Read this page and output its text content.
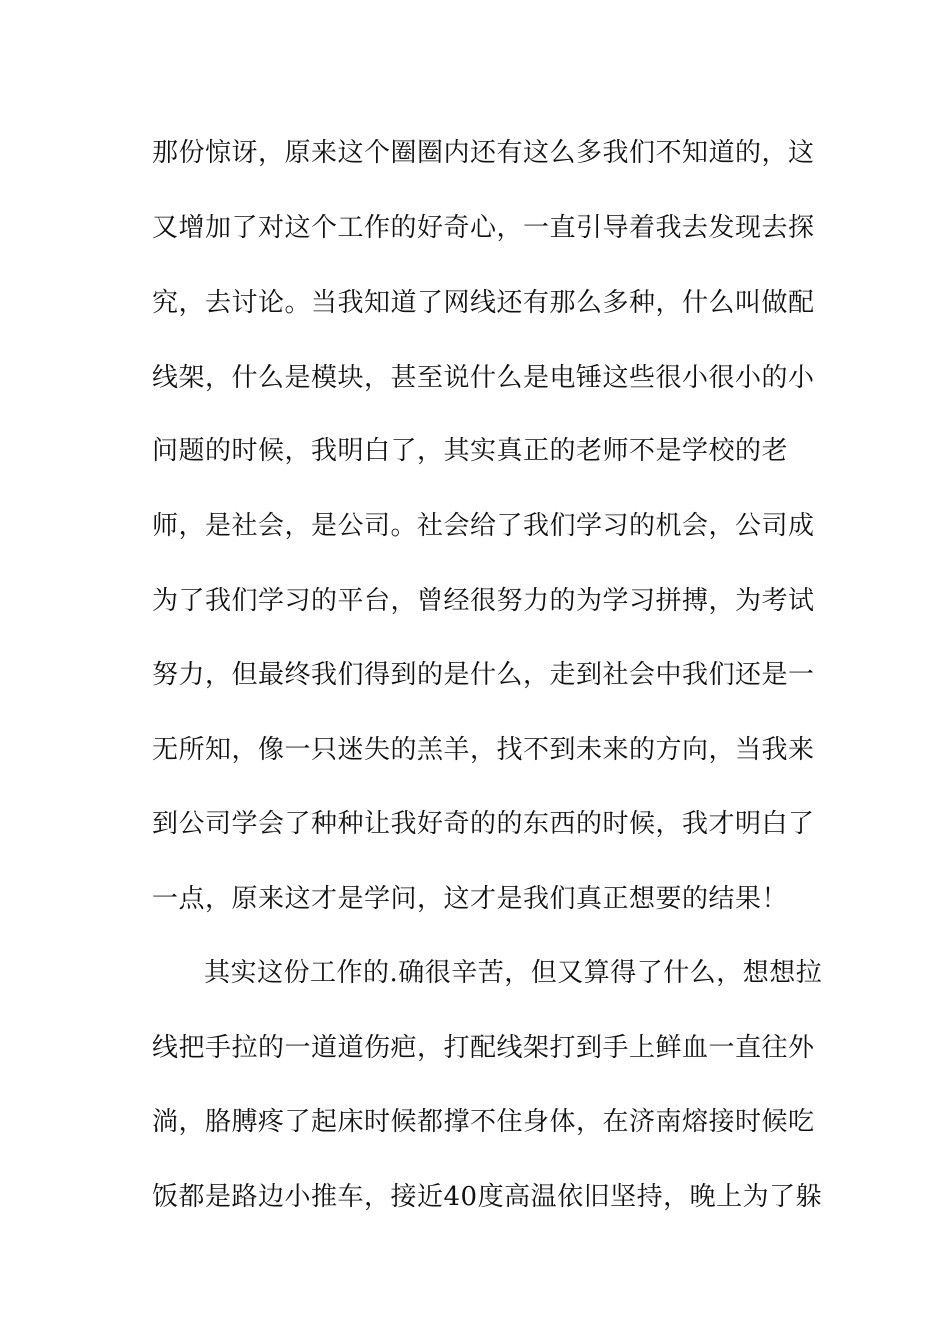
那份惊讶，原来这个圈圈内还有这么多我们不知道的，这
又增加了对这个工作的好奇心，一直引导着我去发现去探
究，去讨论。当我知道了网线还有那么多种，什么叫做配
线架，什么是模块，甚至说什么是电锤这些很小很小的小
问题的时候，我明白了，其实真正的老师不是学校的老
师，是社会，是公司。社会给了我们学习的机会，公司成
为了我们学习的平台，曾经很努力的为学习拼搏，为考试
努力，但最终我们得到的是什么，走到社会中我们还是一
无所知，像一只迷失的羔羊，找不到未来的方向，当我来
到公司学会了种种让我好奇的的东西的时候，我才明白了
一点，原来这才是学问，这才是我们真正想要的结果！
其实这份工作的.确很辛苦，但又算得了什么，想想拉
线把手拉的一道道伤疤，打配线架打到手上鲜血一直往外
淌，胳膊疼了起床时候都撑不住身体，在济南熔接时候吃
饭都是路边小推车，接近40度高温依旧坚持，晚上为了躲
